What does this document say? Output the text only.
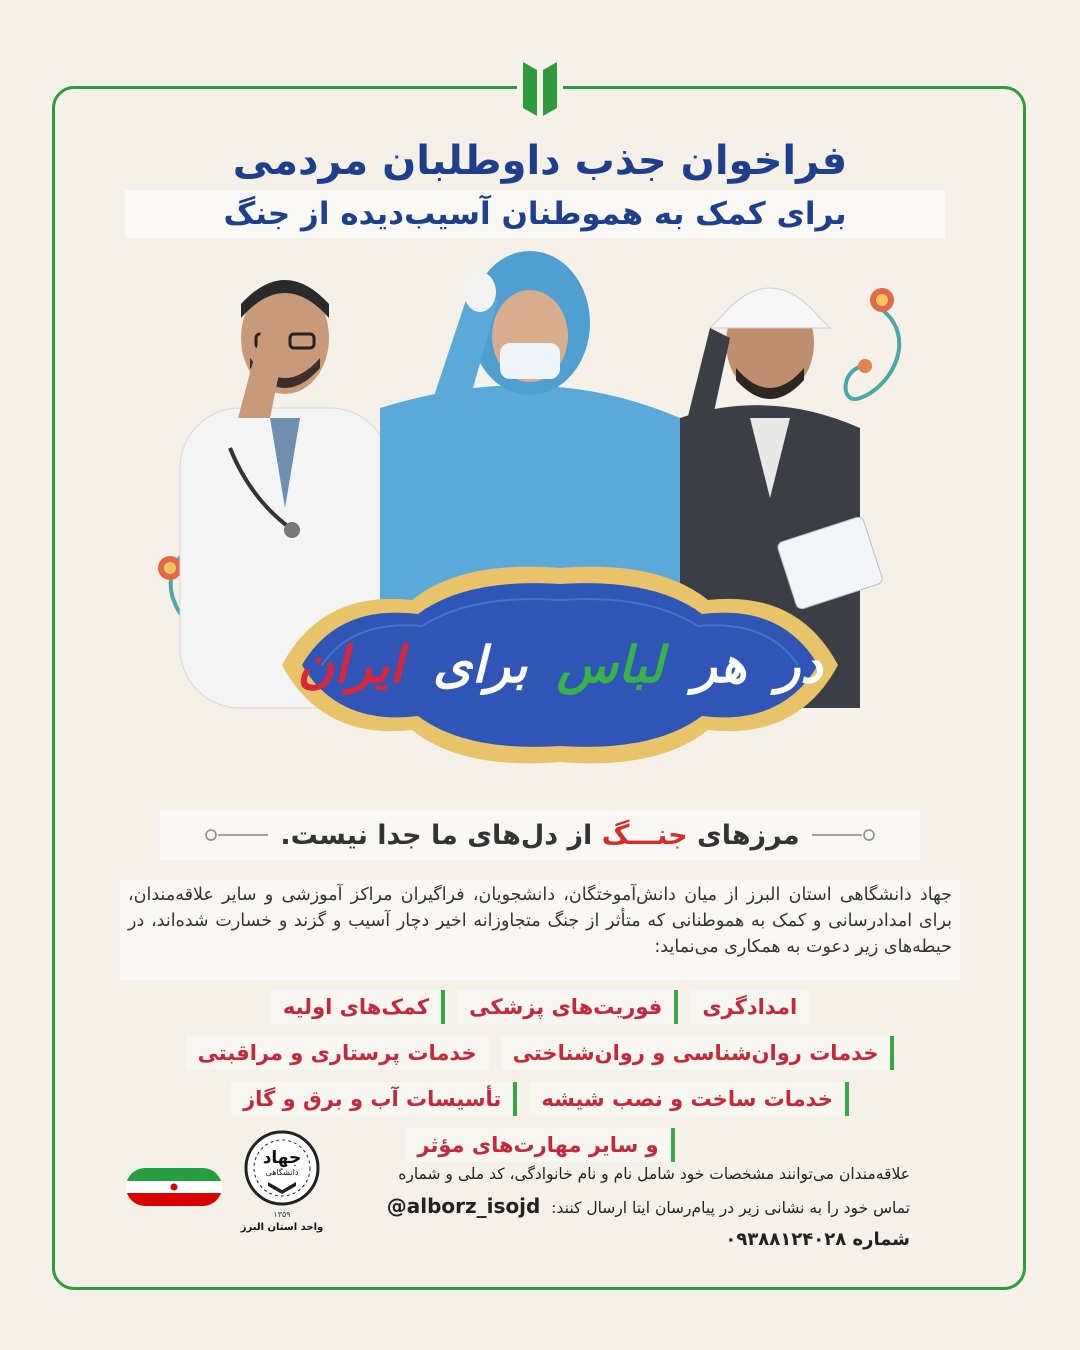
فراخوان جذب داوطلبان مردمی
برای کمک به هموطنان آسیب‌دیده از جنگ
در هر لباس برای ایران
مرزهای جنـــگ از دل‌های ما جدا نیست.
جهاد دانشگاهی استان البرز از میان دانش‌آموختگان، دانشجویان، فراگیران مراکز آموزشی و سایر علاقه‌مندان، برای امدادرسانی و کمک به هموطنانی که متأثر از جنگ متجاوزانه اخیر دچار آسیب و گزند و خسارت شده‌اند، در حیطه‌های زیر دعوت به همکاری می‌نماید:
امدادگری
فوریت‌های پزشکی
کمک‌های اولیه
خدمات روان‌شناسی و روان‌شناختی
خدمات پرستاری و مراقبتی
خدمات ساخت و نصب شیشه
تأسیسات آب و برق و گاز
و سایر مهارت‌های مؤثر
علاقه‌مندان می‌توانند مشخصات خود شامل نام و نام خانوادگی، کد ملی و شماره
تماس خود را به نشانی زیر در پیام‌رسان ایتا ارسال کنند: @alborz_isojd
شماره ۰۹۳۸۸۱۲۴۰۲۸
جهاد
دانشگاهی
۱۳۵۹
واحد استان البرز
